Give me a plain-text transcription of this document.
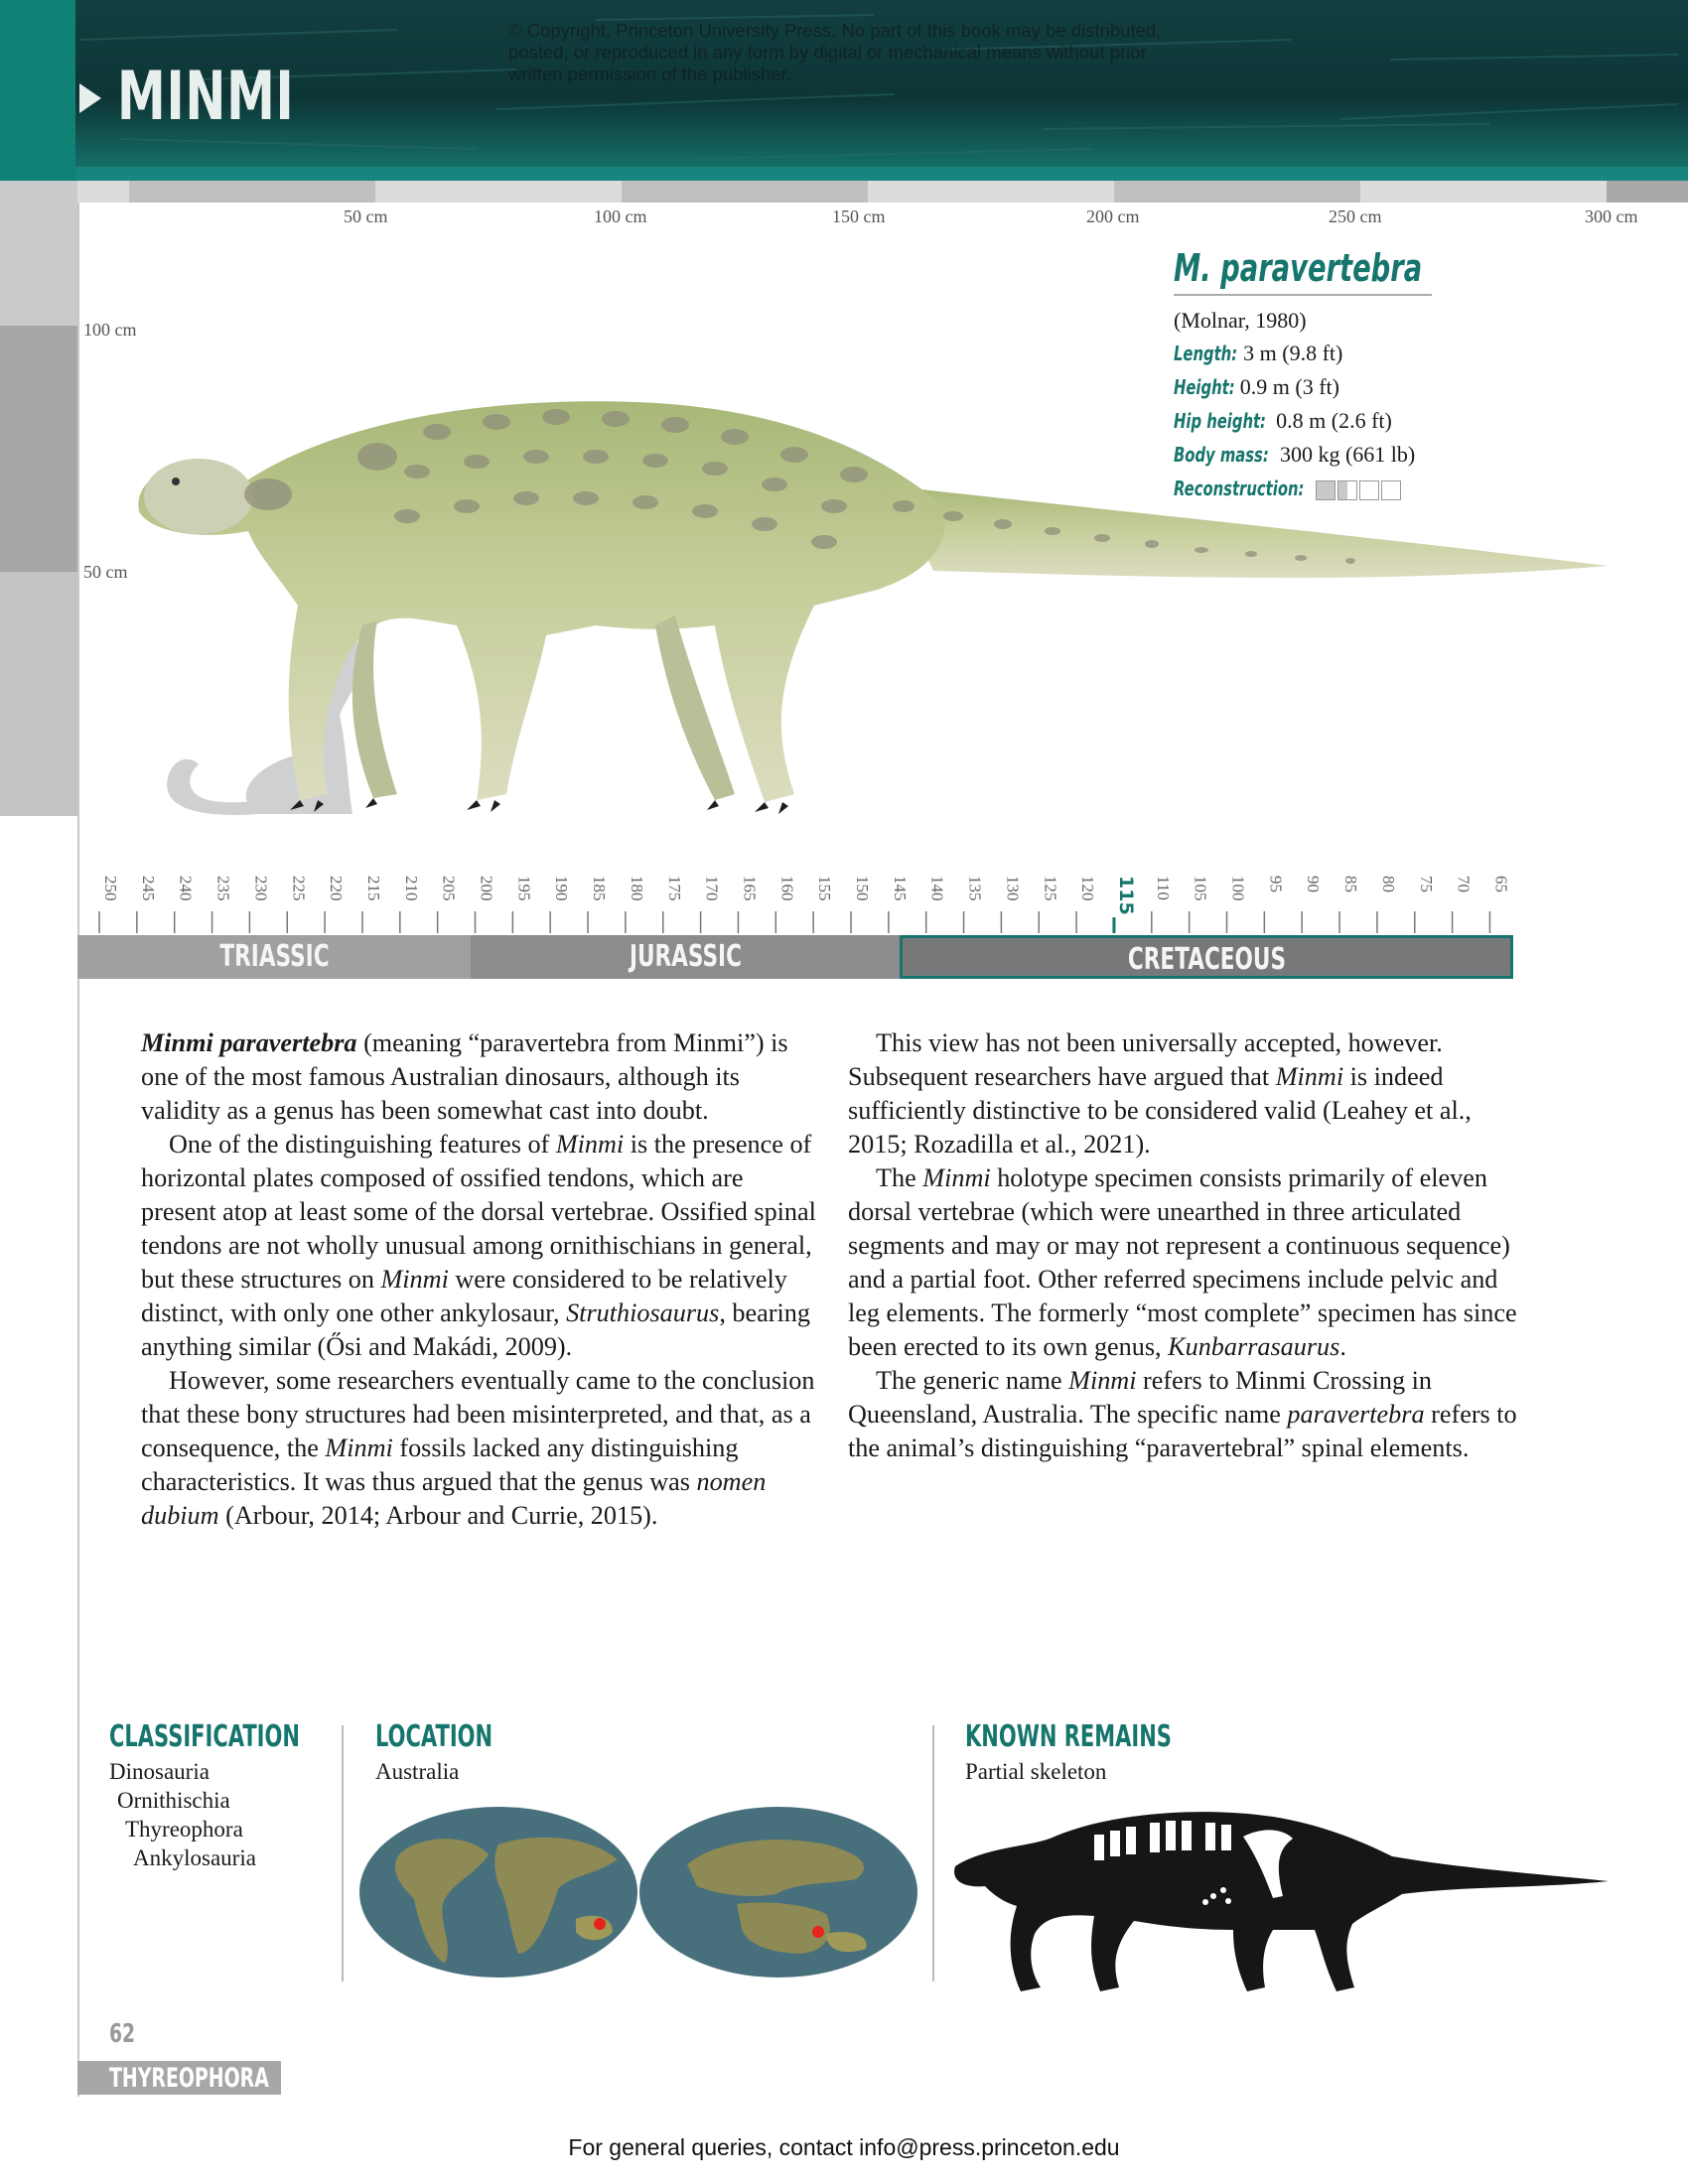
MINMI
© Copyright, Princeton University Press. No part of this book may be distributed, posted, or reproduced in any form by digital or mechanical means without prior written permission of the publisher.
50 cm	100 cm	150 cm	200 cm	250 cm	300 cm
100 cm
50 cm
M. paravertebra
(Molnar, 1980)
Length: 3 m (9.8 ft)
Height: 0.9 m (3 ft)
Hip height: 0.8 m (2.6 ft)
Body mass: 300 kg (661 lb)
Reconstruction:
250 245 240 235 230 225 220 215 210 205 200 195 190 185 180 175 170 165 160 155 150 145 140 135 130 125 120 115 110 105 100 95 90 85 80 75 70 65
TRIASSIC	JURASSIC	CRETACEOUS

Minmi paravertebra (meaning “paravertebra from Minmi”) is one of the most famous Australian dinosaurs, although its validity as a genus has been somewhat cast into doubt.

One of the distinguishing features of Minmi is the presence of horizontal plates composed of ossified tendons, which are present atop at least some of the dorsal vertebrae. Ossified spinal tendons are not wholly unusual among ornithischians in general, but these structures on Minmi were considered to be relatively distinct, with only one other ankylosaur, Struthiosaurus, bearing anything similar (Ősi and Makádi, 2009).

However, some researchers eventually came to the conclusion that these bony structures had been misinterpreted, and that, as a consequence, the Minmi fossils lacked any distinguishing characteristics. It was thus argued that the genus was nomen dubium (Arbour, 2014; Arbour and Currie, 2015).

This view has not been universally accepted, however. Subsequent researchers have argued that Minmi is indeed sufficiently distinctive to be considered valid (Leahey et al., 2015; Rozadilla et al., 2021).

The Minmi holotype specimen consists primarily of eleven dorsal vertebrae (which were unearthed in three articulated segments and may or may not represent a continuous sequence) and a partial foot. Other referred specimens include pelvic and leg elements. The formerly “most complete” specimen has since been erected to its own genus, Kunbarrasaurus.

The generic name Minmi refers to Minmi Crossing in Queensland, Australia. The specific name paravertebra refers to the animal’s distinguishing “paravertebral” spinal elements.

CLASSIFICATION
Dinosauria
Ornithischia
Thyreophora
Ankylosauria
LOCATION
Australia
KNOWN REMAINS
Partial skeleton
62
THYREOPHORA
For general queries, contact info@press.princeton.edu
